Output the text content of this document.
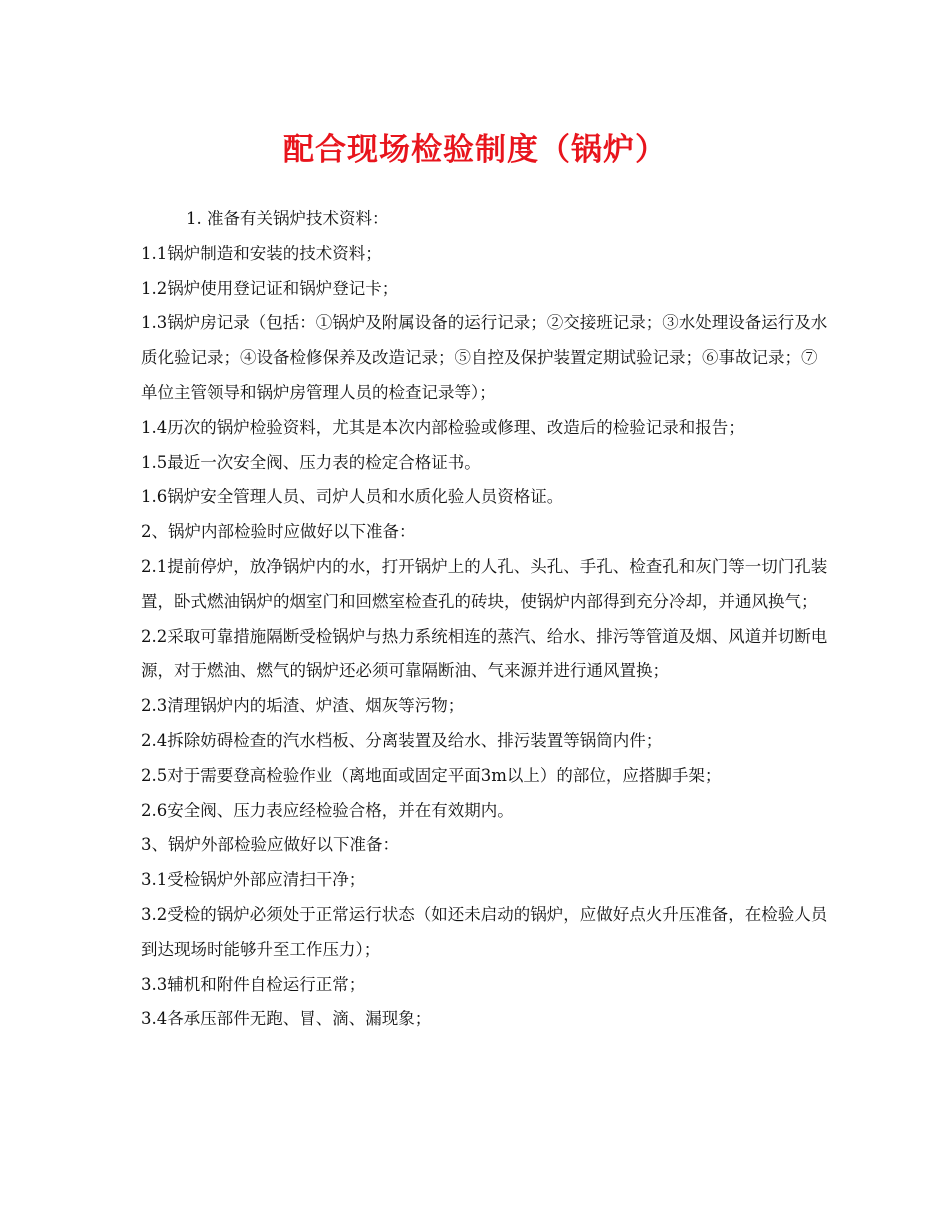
配合现场检验制度（锅炉）

1. 准备有关锅炉技术资料：

1.1锅炉制造和安装的技术资料；

1.2锅炉使用登记证和锅炉登记卡；

1.3锅炉房记录（包括：①锅炉及附属设备的运行记录；②交接班记录；③水处理设备运行及水质化验记录；④设备检修保养及改造记录；⑤自控及保护装置定期试验记录；⑥事故记录；⑦单位主管领导和锅炉房管理人员的检查记录等）；

1.4历次的锅炉检验资料，尤其是本次内部检验或修理、改造后的检验记录和报告；

1.5最近一次安全阀、压力表的检定合格证书。

1.6锅炉安全管理人员、司炉人员和水质化验人员资格证。

2、锅炉内部检验时应做好以下准备：

2.1提前停炉，放净锅炉内的水，打开锅炉上的人孔、头孔、手孔、检查孔和灰门等一切门孔装置，卧式燃油锅炉的烟室门和回燃室检查孔的砖块，使锅炉内部得到充分冷却，并通风换气；

2.2采取可靠措施隔断受检锅炉与热力系统相连的蒸汽、给水、排污等管道及烟、风道并切断电源，对于燃油、燃气的锅炉还必须可靠隔断油、气来源并进行通风置换；

2.3清理锅炉内的垢渣、炉渣、烟灰等污物；

2.4拆除妨碍检查的汽水档板、分离装置及给水、排污装置等锅筒内件；

2.5对于需要登高检验作业（离地面或固定平面3m以上）的部位，应搭脚手架；

2.6安全阀、压力表应经检验合格，并在有效期内。

3、锅炉外部检验应做好以下准备：

3.1受检锅炉外部应清扫干净；

3.2受检的锅炉必须处于正常运行状态（如还未启动的锅炉，应做好点火升压准备，在检验人员到达现场时能够升至工作压力）；

3.3辅机和附件自检运行正常；

3.4各承压部件无跑、冒、滴、漏现象；
